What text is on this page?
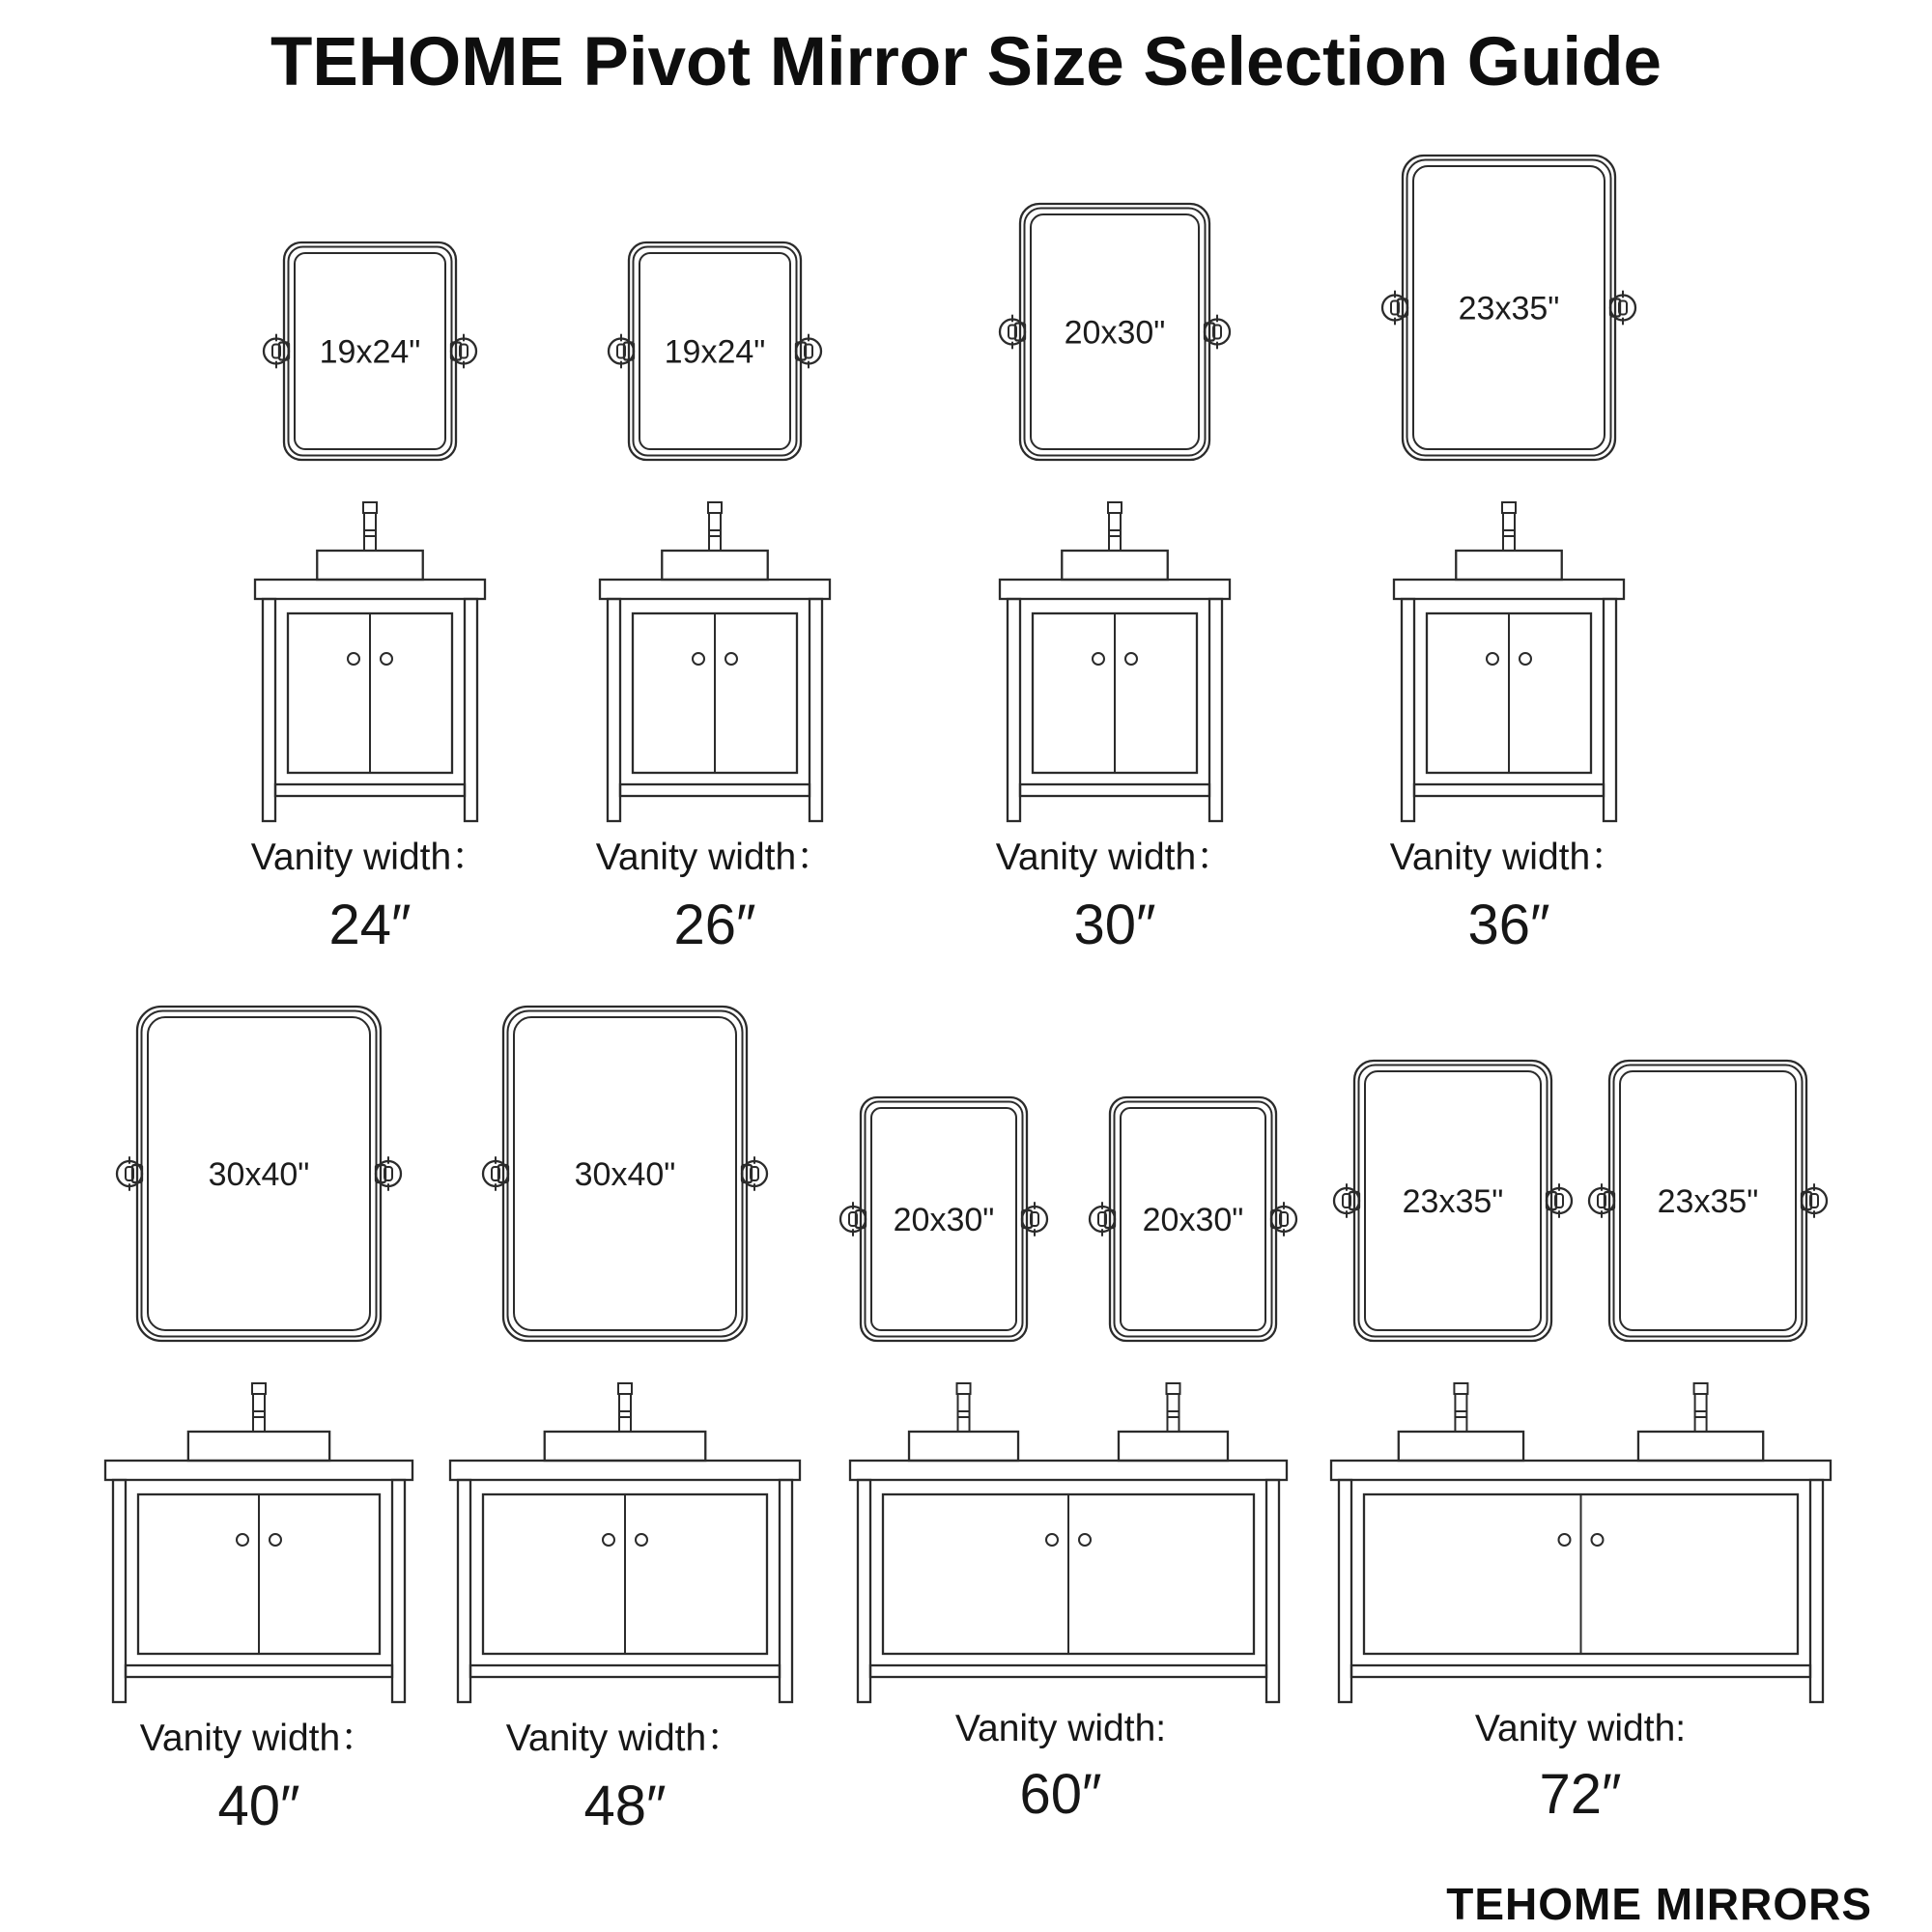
TEHOME Pivot Mirror Size Selection Guide
19x24"	19x24"
20x30"
23x35"
30x40"	30x40"
20x30"	20x30"	23x35"	23x35"
Vanity width：
24″
Vanity width：
26″
Vanity width：
30″
Vanity width：
36″
Vanity width：
40″
Vanity width：
48″
Vanity width:
60″
Vanity width:
72″
TEHOME MIRRORS
